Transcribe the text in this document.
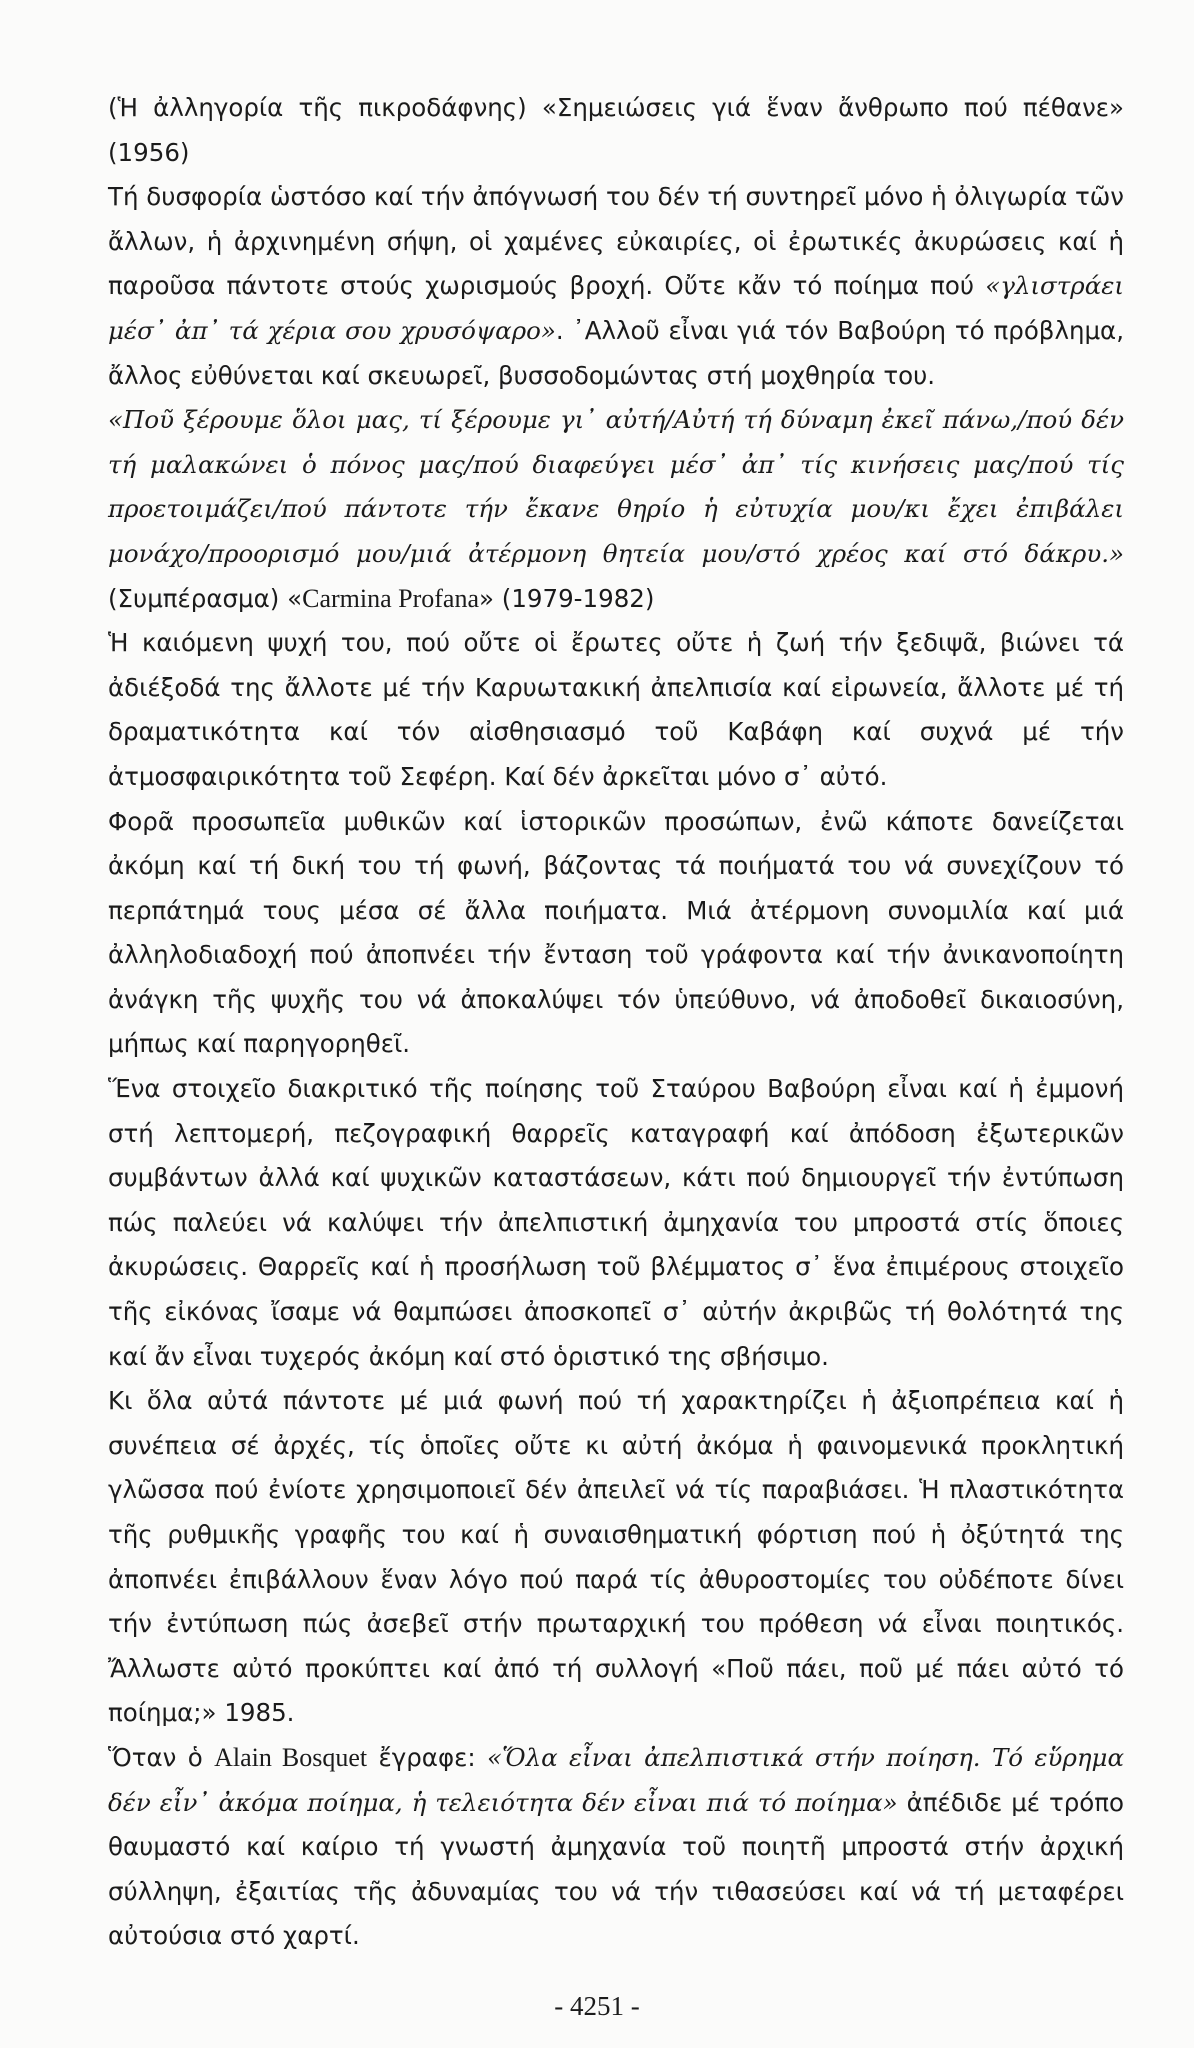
(Ἡ ἀλληγορία τῆς πικροδάφνης) «Σημειώσεις γιά ἕναν ἄνθρωπο πού πέθανε» (1956)

Τή δυσφορία ὡστόσο καί τήν ἀπόγνωσή του δέν τή συντηρεῖ μόνο ἡ ὀλιγωρία τῶν ἄλλων, ἡ ἀρχινημένη σήψη, οἱ χαμένες εὐκαιρίες, οἱ ἐρωτικές ἀκυρώσεις καί ἡ παροῦσα πάντοτε στούς χωρισμούς βροχή. Οὔτε κἄν τό ποίημα πού «γλιστράει μέσ᾿ ἀπ᾿ τά χέρια σου χρυσόψαρο». ᾿Αλλοῦ εἶναι γιά τόν Βαβούρη τό πρόβλημα, ἄλλος εὐθύνεται καί σκευωρεῖ, βυσσοδομώντας στή μοχθηρία του.

«Ποῦ ξέρουμε ὅλοι μας, τί ξέρουμε γι᾿ αὐτή/Αὐτή τή δύναμη ἐκεῖ πάνω,/πού δέν τή μαλακώνει ὁ πόνος μας/πού διαφεύγει μέσ᾿ ἀπ᾿ τίς κινήσεις μας/πού τίς προετοιμάζει/πού πάντοτε τήν ἔκανε θηρίο ἡ εὐτυχία μου/κι ἔχει ἐπιβάλει μονάχο/προορισμό μου/μιά ἀτέρμονη θητεία μου/στό χρέος καί στό δάκρυ.» (Συμπέρασμα) «Carmina Profana» (1979-1982)

Ἡ καιόμενη ψυχή του, πού οὔτε οἱ ἔρωτες οὔτε ἡ ζωή τήν ξεδιψᾶ, βιώνει τά ἀδιέξοδά της ἄλλοτε μέ τήν Καρυωτακική ἀπελπισία καί εἰρωνεία, ἄλλοτε μέ τή δραματικότητα καί τόν αἰσθησιασμό τοῦ Καβάφη καί συχνά μέ τήν ἀτμοσφαιρικότητα τοῦ Σεφέρη. Καί δέν ἀρκεῖται μόνο σ᾿ αὐτό.

Φορᾶ προσωπεῖα μυθικῶν καί ἱστορικῶν προσώπων, ἐνῶ κάποτε δανείζεται ἀκόμη καί τή δική του τή φωνή, βάζοντας τά ποιήματά του νά συνεχίζουν τό περπάτημά τους μέσα σέ ἄλλα ποιήματα. Μιά ἀτέρμονη συνομιλία καί μιά ἀλληλοδιαδοχή πού ἀποπνέει τήν ἔνταση τοῦ γράφοντα καί τήν ἀνικανοποίητη ἀνάγκη τῆς ψυχῆς του νά ἀποκαλύψει τόν ὑπεύθυνο, νά ἀποδοθεῖ δικαιοσύνη, μήπως καί παρηγορηθεῖ.

Ἕνα στοιχεῖο διακριτικό τῆς ποίησης τοῦ Σταύρου Βαβούρη εἶναι καί ἡ ἐμμονή στή λεπτομερή, πεζογραφική θαρρεῖς καταγραφή καί ἀπόδοση ἐξωτερικῶν συμβάντων ἀλλά καί ψυχικῶν καταστάσεων, κάτι πού δημιουργεῖ τήν ἐντύπωση πώς παλεύει νά καλύψει τήν ἀπελπιστική ἀμηχανία του μπροστά στίς ὅποιες ἀκυρώσεις. Θαρρεῖς καί ἡ προσήλωση τοῦ βλέμματος σ᾿ ἕνα ἐπιμέρους στοιχεῖο τῆς εἰκόνας ἴσαμε νά θαμπώσει ἀποσκοπεῖ σ᾿ αὐτήν ἀκριβῶς τή θολότητά της καί ἄν εἶναι τυχερός ἀκόμη καί στό ὁριστικό της σβήσιμο.

Κι ὅλα αὐτά πάντοτε μέ μιά φωνή πού τή χαρακτηρίζει ἡ ἀξιοπρέπεια καί ἡ συνέπεια σέ ἀρχές, τίς ὁποῖες οὔτε κι αὐτή ἀκόμα ἡ φαινομενικά προκλητική γλῶσσα πού ἐνίοτε χρησιμοποιεῖ δέν ἀπειλεῖ νά τίς παραβιάσει. Ἡ πλαστικότητα τῆς ρυθμικῆς γραφῆς του καί ἡ συναισθηματική φόρτιση πού ἡ ὀξύτητά της ἀποπνέει ἐπιβάλλουν ἕναν λόγο πού παρά τίς ἀθυροστομίες του οὐδέποτε δίνει τήν ἐντύπωση πώς ἀσεβεῖ στήν πρωταρχική του πρόθεση νά εἶναι ποιητικός. Ἄλλωστε αὐτό προκύπτει καί ἀπό τή συλλογή «Ποῦ πάει, ποῦ μέ πάει αὐτό τό ποίημα;» 1985.

Ὅταν ὁ Alain Bosquet ἔγραφε: «Ὅλα εἶναι ἀπελπιστικά στήν ποίηση. Τό εὕρημα δέν εἶν᾿ ἀκόμα ποίημα, ἡ τελειότητα δέν εἶναι πιά τό ποίημα» ἀπέδιδε μέ τρόπο θαυμαστό καί καίριο τή γνωστή ἀμηχανία τοῦ ποιητῆ μπροστά στήν ἀρχική σύλληψη, ἐξαιτίας τῆς ἀδυναμίας του νά τήν τιθασεύσει καί νά τή μεταφέρει αὐτούσια στό χαρτί.

- 4251 -
